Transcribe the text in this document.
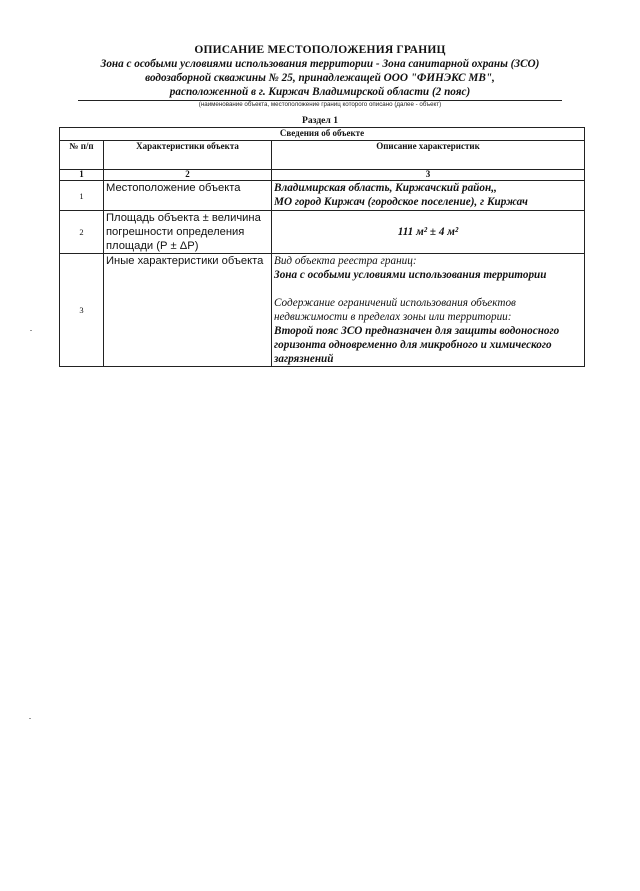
ОПИСАНИЕ МЕСТОПОЛОЖЕНИЯ ГРАНИЦ
Зона с особыми условиями использования территории - Зона санитарной охраны (ЗСО)
водозаборной скважины № 25, принадлежащей ООО "ФИНЭКС МВ",
расположенной в г. Киржач Владимирской области (2 пояс)
(наименование объекта, местоположение границ которого описано (далее - объект)
Раздел 1
Сведения об объекте		
№ п/п	Характеристики объекта	Описание характеристик
1	2	3
1	Местоположение объекта	Владимирская область, Киржачский район,,
МО город Киржач (городское поселение), г Киржач

2	Площадь объекта ± величина погрешности определения площади (Р ± ΔР)	111 м² ± 4 м²

3	Иные характеристики объекта	Вид объекта реестра границ:
Зона с особыми условиями использования территории
Содержание ограничений использования объектов недвижимости в пределах зоны или территории:
Второй пояс ЗСО предназначен для защиты водоносного горизонта одновременно для микробного и химического загрязнений
